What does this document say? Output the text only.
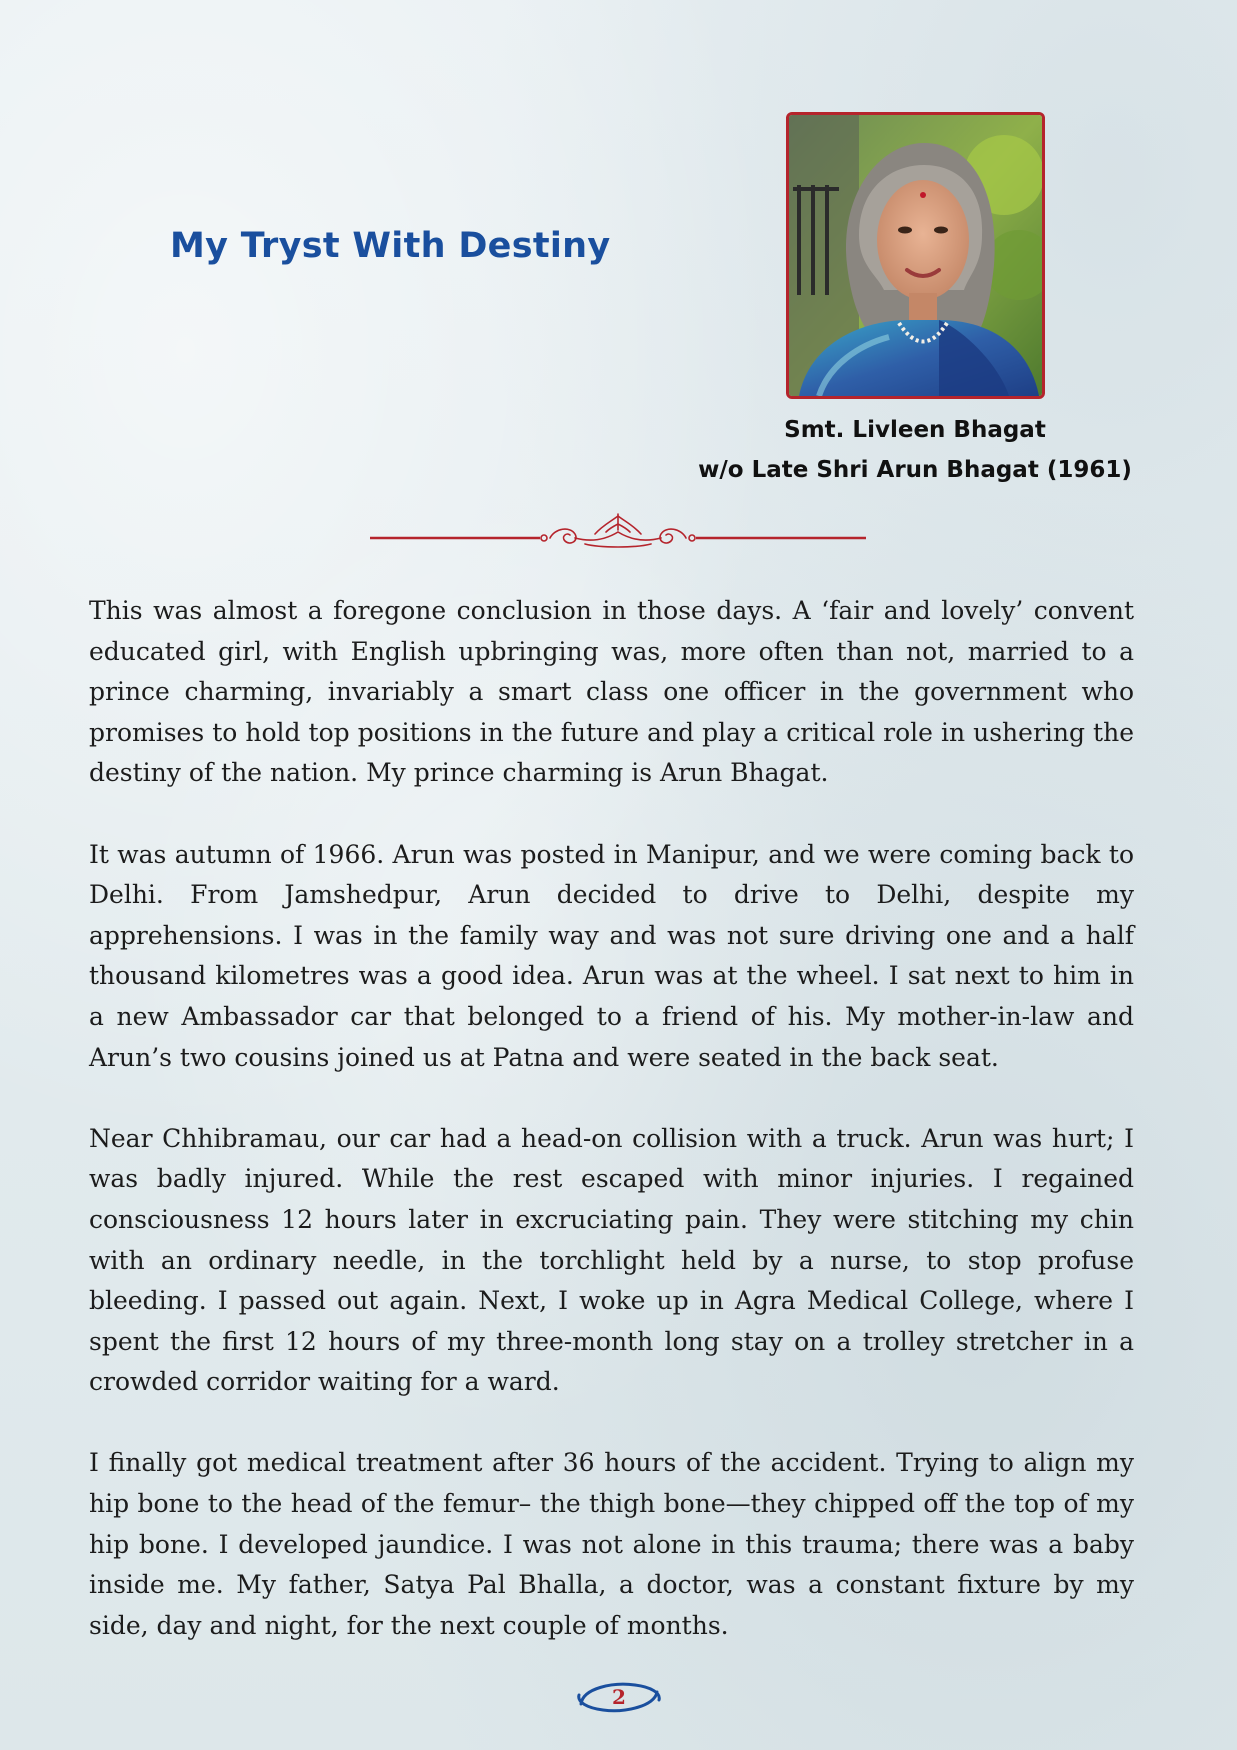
My Tryst With Destiny
Smt. Livleen Bhagat
w/o Late Shri Arun Bhagat (1961)

This was almost a foregone conclusion in those days. A ‘fair and lovely’ convent educated girl, with English upbringing was, more often than not, married to a prince charming, invariably a smart class one officer in the government who promises to hold top positions in the future and play a critical role in ushering the destiny of the nation. My prince charming is Arun Bhagat.

It was autumn of 1966. Arun was posted in Manipur, and we were coming back to Delhi. From Jamshedpur, Arun decided to drive to Delhi, despite my apprehensions. I was in the family way and was not sure driving one and a half thousand kilometres was a good idea. Arun was at the wheel. I sat next to him in a new Ambassador car that belonged to a friend of his. My mother-in-law and Arun’s two cousins joined us at Patna and were seated in the back seat.

Near Chhibramau, our car had a head-on collision with a truck. Arun was hurt; I was badly injured. While the rest escaped with minor injuries. I regained consciousness 12 hours later in excruciating pain. They were stitching my chin with an ordinary needle, in the torchlight held by a nurse, to stop profuse bleeding. I passed out again. Next, I woke up in Agra Medical College, where I spent the first 12 hours of my three-month long stay on a trolley stretcher in a crowded corridor waiting for a ward.

I finally got medical treatment after 36 hours of the accident. Trying to align my hip bone to the head of the femur– the thigh bone—they chipped off the top of my hip bone. I developed jaundice. I was not alone in this trauma; there was a baby inside me. My father, Satya Pal Bhalla, a doctor, was a constant fixture by my side, day and night, for the next couple of months.

2
